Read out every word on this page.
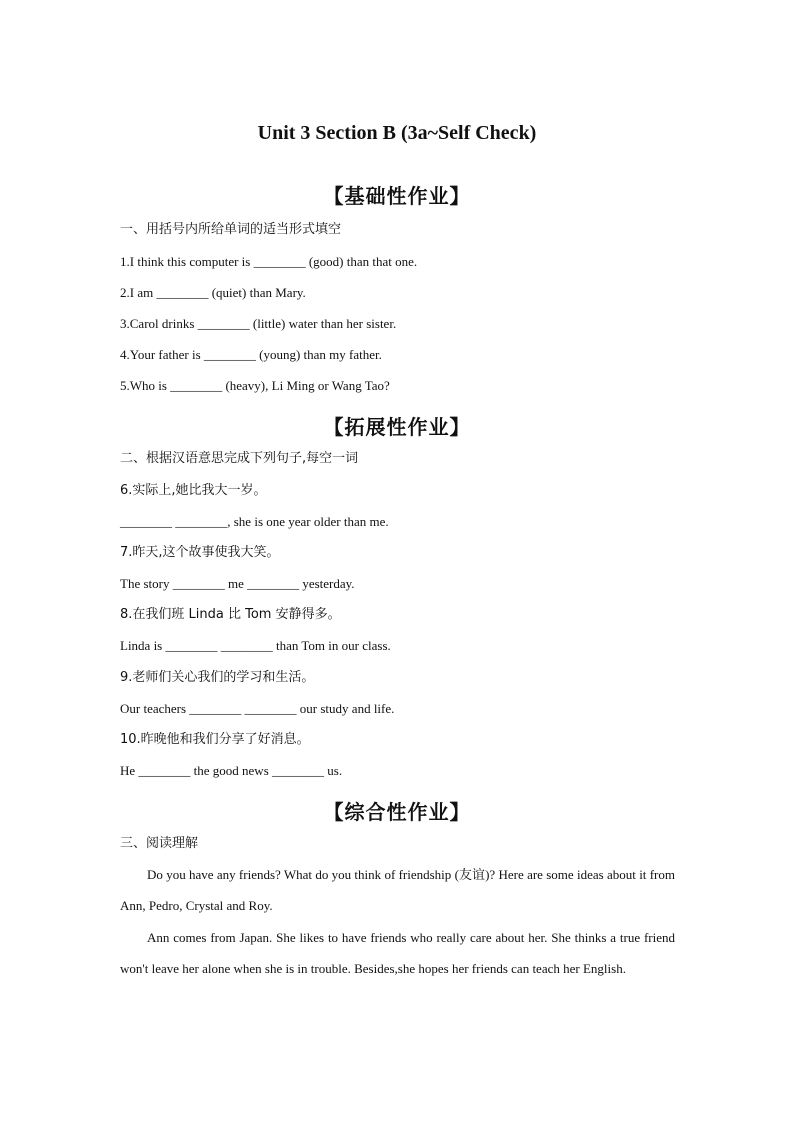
Unit 3 Section B (3a~Self Check)
【基础性作业】
一、用括号内所给单词的适当形式填空
1.I think this computer is ________ (good) than that one.
2.I am ________ (quiet) than Mary.
3.Carol drinks ________ (little) water than her sister.
4.Your father is ________ (young) than my father.
5.Who is ________ (heavy), Li Ming or Wang Tao?
【拓展性作业】
二、根据汉语意思完成下列句子,每空一词
6.实际上,她比我大一岁。
________ ________, she is one year older than me.
7.昨天,这个故事使我大笑。
The story ________ me ________ yesterday.
8.在我们班 Linda 比 Tom 安静得多。
Linda is ________ ________ than Tom in our class.
9.老师们关心我们的学习和生活。
Our teachers ________ ________ our study and life.
10.昨晚他和我们分享了好消息。
He ________ the good news ________ us.
【综合性作业】
三、阅读理解
Do you have any friends? What do you think of friendship (友谊)? Here are some ideas about it from Ann, Pedro, Crystal and Roy.
Ann comes from Japan. She likes to have friends who really care about her. She thinks a true friend won't leave her alone when she is in trouble. Besides,she hopes her friends can teach her English.
